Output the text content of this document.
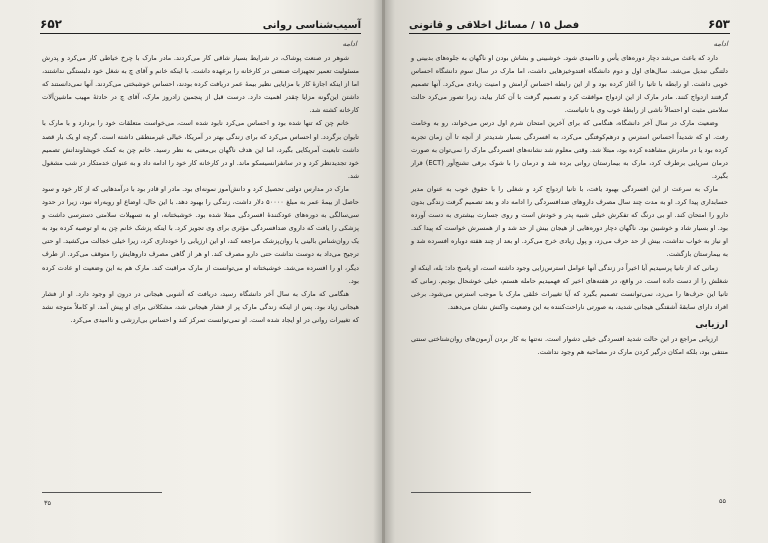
۶۵۲	آسیب‌شناسی روانی
ادامه

شوهر در صنعت پوشاک، در شرایط بسیار شاقی کار می‌کردند. مادر مارک با چرخ خیاطی کار می‌کرد و پدرش مسئولیت تعمیر تجهیزات صنعتی در کارخانه را برعهده داشت. با اینکه خانم و آقای چ به شغل خود دلبستگی نداشتند، اما از اینکه اجازهٔ کار با مزایایی نظیر بیمهٔ عمر دریافت کرده بودند، احساس خوشبختی می‌کردند. آنها نمی‌دانستند که داشتن این‌گونه مزایا چقدر اهمیت دارد. درست قبل از پنجمین زادروز مارک، آقای چ در حادثهٔ مهیب ماشین‌آلات کارخانه کشته شد.

خانم چن که تنها شده بود و احساس می‌کرد نابود شده است، می‌خواست متعلقات خود را بردارد و با مارک با تایوان برگردد. او احساس می‌کرد که برای زندگی بهتر در آمریکا، خیالی غیرمنطقی داشته است. گرچه او یک بار قصد داشت تابعیت آمریکایی بگیرد، اما این هدف ناگهان بی‌معنی به نظر رسید. خانم چن به کمک خویشاوندانش تصمیم خود تجدیدنظر کرد و در سانفرانسیسکو ماند. او در کارخانه کار خود را ادامه داد و به عنوان خدمتکار در شب مشغول شد.

مارک در مدارس دولتی تحصیل کرد و دانش‌آموز نمونه‌ای بود. مادر او قادر بود با درآمدهایی که از کار خود و سود حاصل از بیمهٔ عمر به مبلغ ۵۰۰۰۰ دلار داشت، زندگی را بهبود دهد. با این حال، اوضاع او روبه‌راه نبود، زیرا در حدود سی‌سالگی به دوره‌های عودکنندهٔ افسردگی مبتلا شده بود. خوشبختانه، او به تسهیلات سلامتی دسترسی داشت و پزشکی را یافت که داروی ضدافسردگی مؤثری برای وی تجویز کرد. با اینکه پزشک خانم چن به او توصیه کرده بود به یک روان‌شناس بالینی یا روان‌پزشک مراجعه کند، او این ارزیابی را خودداری کرد، زیرا خیلی خجالت می‌کشید. او حتی ترجیح می‌داد به دوست نداشت حتی دارو مصرف کند. او هر از گاهی مصرف داروهایش را متوقف می‌کرد. از طرف دیگر، او را افسرده می‌شد. خوشبختانه او می‌توانست از مارک مراقبت کند. مارک هم به این وضعیت او عادت کرده بود.

هنگامی که مارک به سال آخر دانشگاه رسید، دریافت که آشوبی هیجانی در درون او وجود دارد. او از فشار هیجانی زیاد بود. پس از اینکه زندگی مارک پر از فشار هیجانی شد، مشکلاتی برای او پیش آمد. او کاملاً متوجه نشد که تغییرات روانی در او ایجاد شده است. او نمی‌توانست تمرکز کند و احساس بی‌ارزشی و ناامیدی می‌کرد.

۳۵
فصل ۱۵ / مسائل اخلاقی و قانونی	۶۵۳
ادامه

دارد که باعث می‌شد دچار دوره‌های یأس و ناامیدی شود. خوشبینی و بشاش بودن او ناگهان به جلوه‌های بدبینی و دلتنگی تبدیل می‌شد. سال‌های اول و دوم دانشگاه افتدوخیزهایی داشت، اما مارک در سال سوم دانشگاه احساس خوبی داشت. او رابطه با تانیا را آغاز کرده بود و از این رابطه احساس آرامش و امنیت زیادی می‌کرد. آنها تصمیم گرفتند ازدواج کنند. مادر مارک از این ازدواج موافقت کرد و تصمیم گرفت با آن کنار بیاید، زیرا تصور می‌کرد حالت سلامتی مثبت او احتمالاً ناشی از رابطهٔ خوب وی با تانیاست.

وضعیت مارک در سال آخر دانشگاه، هنگامی که برای آخرین امتحان شرم اول درس می‌خواند، رو به وخامت رفت. او که شدیداً احساس استرس و درهم‌کوفتگی می‌کرد، به افسردگی بسیار شدیدتر از آنچه تا آن زمان تجربه کرده بود یا در مادرش مشاهده کرده بود، مبتلا شد. وقتی معلوم شد نشانه‌های افسردگی مارک را نمی‌توان به صورت درمان سرپایی برطرف کرد، مارک به بیمارستان روانی برده شد و درمان را با شوک برقی تشنج‌آور (ECT) قرار بگیرد.

مارک به سرعت از این افسردگی بهبود یافت، با تانیا ازدواج کرد و شغلی را با حقوق خوب به عنوان مدیر حسابداری پیدا کرد. او به مدت چند سال مصرف داروهای ضدافسردگی را ادامه داد و بعد تصمیم گرفت زندگی بدون دارو را امتحان کند. او بی درنگ که تفکرش خیلی شبیه پدر و خودش است و روی جسارت بیشتری به دست آورده بود. او بسیار شاد و خوشبین بود. ناگهان دچار دوره‌هایی از هیجان بیش از حد شد و از همسرش خواست که پیدا کند. او نیاز به خواب نداشت، بیش از حد حرف می‌زد، و پول زیادی خرج می‌کرد. او بعد از چند هفته دوباره افسرده شد و به بیمارستان بازگشت.

زمانی که از تانیا پرسیدیم آیا اخیراً در زندگی آنها عوامل استرس‌زایی وجود داشته است، او پاسخ داد: بله، اینکه او شغلش را از دست داده است. در واقع، در هفته‌های اخیر که فهمیدیم حامله هستم، خیلی خوشحال بودیم. زمانی که تانیا این حرف‌ها را می‌زد، نمی‌توانست تصمیم بگیرد که آیا تغییرات خلقی مارک با موجب استرس می‌شود. برخی افراد دارای سابقهٔ آشفتگی هیجانی شدید، به صورتی ناراحت‌کننده به این وضعیت واکنش نشان می‌دهند.

ارزیابی

ارزیابی مراجع در این حالت شدید افسردگی خیلی دشوار است. نه‌تنها به کار بردن آزمون‌های روان‌شناختی سنتی منتفی بود، بلکه امکان درگیر کردن مارک در مصاحبه هم وجود نداشت.

۵۵
